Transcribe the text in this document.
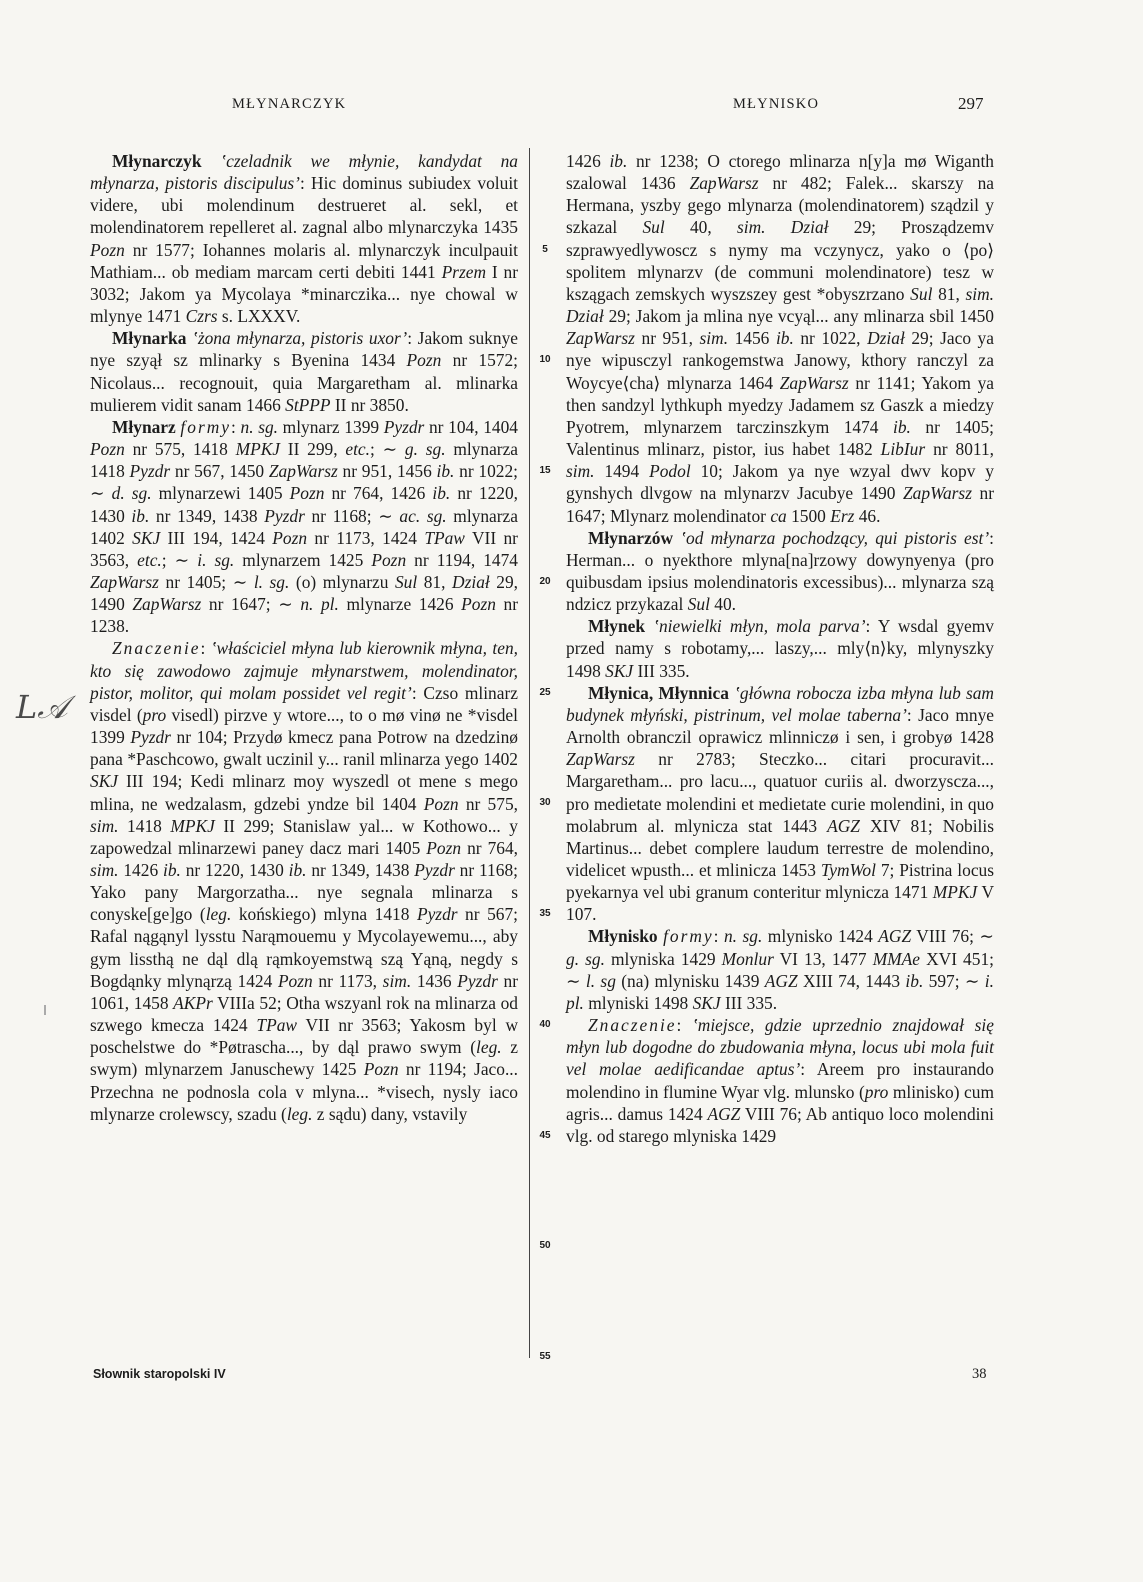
MŁYNARCZYK	MŁYNISKO	297

Młynarczyk ʽczeladnik we młynie, kandydat na młynarza, pistoris discipulus’: Hic dominus subiudex voluit videre, ubi molendinum destrueret al. sekl, et molendinatorem repelleret al. zagnal albo mlynarczyka 1435 Pozn nr 1577; Iohannes molaris al. mlynarczyk inculpauit Mathiam... ob mediam marcam certi debiti 1441 Przem I nr 3032; Jakom ya Mycolaya *minarczika... nye chowal w mlynye 1471 Czrs s. LXXXV.

Młynarka ʽżona młynarza, pistoris uxor’: Jakom suknye nye szyął sz mlinarky s Byenina 1434 Pozn nr 1572; Nicolaus... recognouit, quia Margaretham al. mlinarka mulierem vidit sanam 1466 StPPP II nr 3850.

Młynarz formy: n. sg. mlynarz 1399 Pyzdr nr 104, 1404 Pozn nr 575, 1418 MPKJ II 299, etc.; ∼ g. sg. mlynarza 1418 Pyzdr nr 567, 1450 ZapWarsz nr 951, 1456 ib. nr 1022; ∼ d. sg. mlynarzewi 1405 Pozn nr 764, 1426 ib. nr 1220, 1430 ib. nr 1349, 1438 Pyzdr nr 1168; ∼ ac. sg. mlynarza 1402 SKJ III 194, 1424 Pozn nr 1173, 1424 TPaw VII nr 3563, etc.; ∼ i. sg. mlynarzem 1425 Pozn nr 1194, 1474 ZapWarsz nr 1405; ∼ l. sg. (o) mlynarzu Sul 81, Dział 29, 1490 ZapWarsz nr 1647; ∼ n. pl. mlynarze 1426 Pozn nr 1238.

Znaczenie: ʽwłaściciel młyna lub kierownik młyna, ten, kto się zawodowo zajmuje młynarstwem, molendinator, pistor, molitor, qui molam possidet vel regit’: Czso mlinarz visdel (pro visedl) pirzve y wtore..., to o mø vinø ne *visdel 1399 Pyzdr nr 104; Przydø kmecz pana Potrow na dzedzinø pana *Paschcowo, gwalt uczinil y... ranil mlinarza yego 1402 SKJ III 194; Kedi mlinarz moy wyszedl ot mene s mego mlina, ne wedzalasm, gdzebi yndze bil 1404 Pozn nr 575, sim. 1418 MPKJ II 299; Stanislaw yal... w Kothowo... y zapowedzal mlinarzewi paney dacz mari 1405 Pozn nr 764, sim. 1426 ib. nr 1220, 1430 ib. nr 1349, 1438 Pyzdr nr 1168; Yako pany Margorzatha... nye segnala mlinarza s conyske[ge]go (leg. końskiego) mlyna 1418 Pyzdr nr 567; Rafal nągąnyl lysstu Narąmouemu y Mycolayewemu..., aby gym lissthą ne dąl dlą rąmkoyemstwą szą Yąną, negdy s Bogdąnky mlynąrzą 1424 Pozn nr 1173, sim. 1436 Pyzdr nr 1061, 1458 AKPr VIIIa 52; Otha wszyanl rok na mlinarza od szwego kmecza 1424 TPaw VII nr 3563; Yakosm byl w poschelstwe do *Pøtrascha..., by dąl prawo swym (leg. z swym) mlynarzem Januschewy 1425 Pozn nr 1194; Jaco... Przechna ne podnosla cola v mlyna... *visech, nysly iaco mlynarze crolewscy, szadu (leg. z sądu) dany, vstavily

5
10
15
20
25
30
35
40
45
50
55

1426 ib. nr 1238; O ctorego mlinarza n[y]a mø Wiganth szalowal 1436 ZapWarsz nr 482; Falek... skarszy na Hermana, yszby gego mlynarza (molendinatorem) sządzil y szkazal Sul 40, sim. Dział 29; Prosządzemv szprawyedlywoscz s nymy ma vczynycz, yako o ⟨po⟩spolitem mlynarzv (de communi molendinatore) tesz w kszągach zemskych wyszszey gest *obyszrzano Sul 81, sim. Dział 29; Jakom ja mlina nye vcyąl... any mlinarza sbil 1450 ZapWarsz nr 951, sim. 1456 ib. nr 1022, Dział 29; Jaco ya nye wipusczyl rankogemstwa Janowy, kthory ranczyl za Woycye⟨cha⟩ mlynarza 1464 ZapWarsz nr 1141; Yakom ya then sandzyl lythkuph myedzy Jadamem sz Gaszk a miedzy Pyotrem, mlynarzem tarczinszkym 1474 ib. nr 1405; Valentinus mlinarz, pistor, ius habet 1482 LibIur nr 8011, sim. 1494 Podol 10; Jakom ya nye wzyal dwv kopv y gynshych dlvgow na mlynarzv Jacubye 1490 ZapWarsz nr 1647; Mlynarz molendinator ca 1500 Erz 46.

Młynarzów ʽod młynarza pochodzący, qui pistoris est’: Herman... o nyekthore mlyna[na]rzowy dowynyenya (pro quibusdam ipsius molendinatoris excessibus)... mlynarza szą ndzicz przykazal Sul 40.

Młynek ʽniewielki młyn, mola parva’: Y wsdal gyemv przed namy s robotamy,... laszy,... mly⟨n⟩ky, mlynyszky 1498 SKJ III 335.

Młynica, Młynnica ʽgłówna robocza izba młyna lub sam budynek młyński, pistrinum, vel molae taberna’: Jaco mnye Arnolth obranczil oprawicz mlinniczø i sen, i grobyø 1428 ZapWarsz nr 2783; Steczko... citari procuravit... Margaretham... pro lacu..., quatuor curiis al. dworzyscza..., pro medietate molendini et medietate curie molendini, in quo molabrum al. mlynicza stat 1443 AGZ XIV 81; Nobilis Martinus... debet complere laudum terrestre de molendino, videlicet wpusth... et mlinicza 1453 TymWol 7; Pistrina locus pyekarnya vel ubi granum conteritur mlynicza 1471 MPKJ V 107.

Młynisko formy: n. sg. mlynisko 1424 AGZ VIII 76; ∼ g. sg. mlyniska 1429 Monlur VI 13, 1477 MMAe XVI 451; ∼ l. sg (na) mlynisku 1439 AGZ XIII 74, 1443 ib. 597; ∼ i. pl. mlyniski 1498 SKJ III 335.

Znaczenie: ʽmiejsce, gdzie uprzednio znajdował się młyn lub dogodne do zbudowania młyna, locus ubi mola fuit vel molae aedificandae aptus’: Areem pro instaurando molendino in flumine Wyar vlg. mlunsko (pro mlinisko) cum agris... damus 1424 AGZ VIII 76; Ab antiquo loco molendini vlg. od starego mlyniska 1429

L𝒜
Słownik staropolski IV	38
